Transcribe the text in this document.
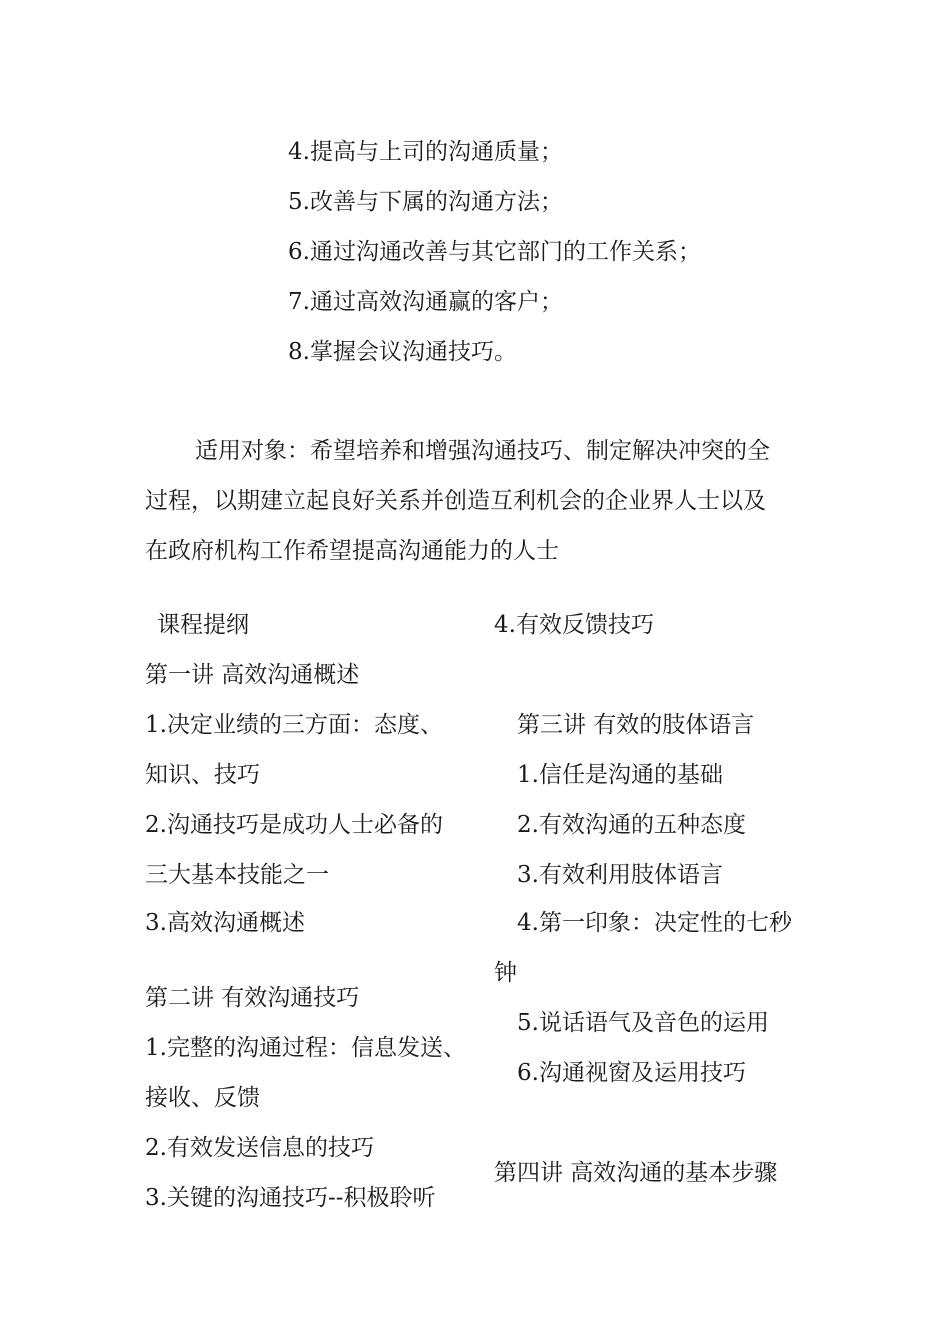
4.提高与上司的沟通质量；
5.改善与下属的沟通方法；
6.通过沟通改善与其它部门的工作关系；
7.通过高效沟通赢的客户；
8.掌握会议沟通技巧。
适用对象：希望培养和增强沟通技巧、制定解决冲突的全
过程，以期建立起良好关系并创造互利机会的企业界人士以及
在政府机构工作希望提高沟通能力的人士
课程提纲
第一讲 高效沟通概述
1.决定业绩的三方面：态度、
知识、技巧
2.沟通技巧是成功人士必备的
三大基本技能之一
3.高效沟通概述
第二讲 有效沟通技巧
1.完整的沟通过程：信息发送、
接收、反馈
2.有效发送信息的技巧
3.关键的沟通技巧--积极聆听
4.有效反馈技巧
第三讲 有效的肢体语言
1.信任是沟通的基础
2.有效沟通的五种态度
3.有效利用肢体语言
4.第一印象：决定性的七秒
钟
5.说话语气及音色的运用
6.沟通视窗及运用技巧
第四讲 高效沟通的基本步骤
